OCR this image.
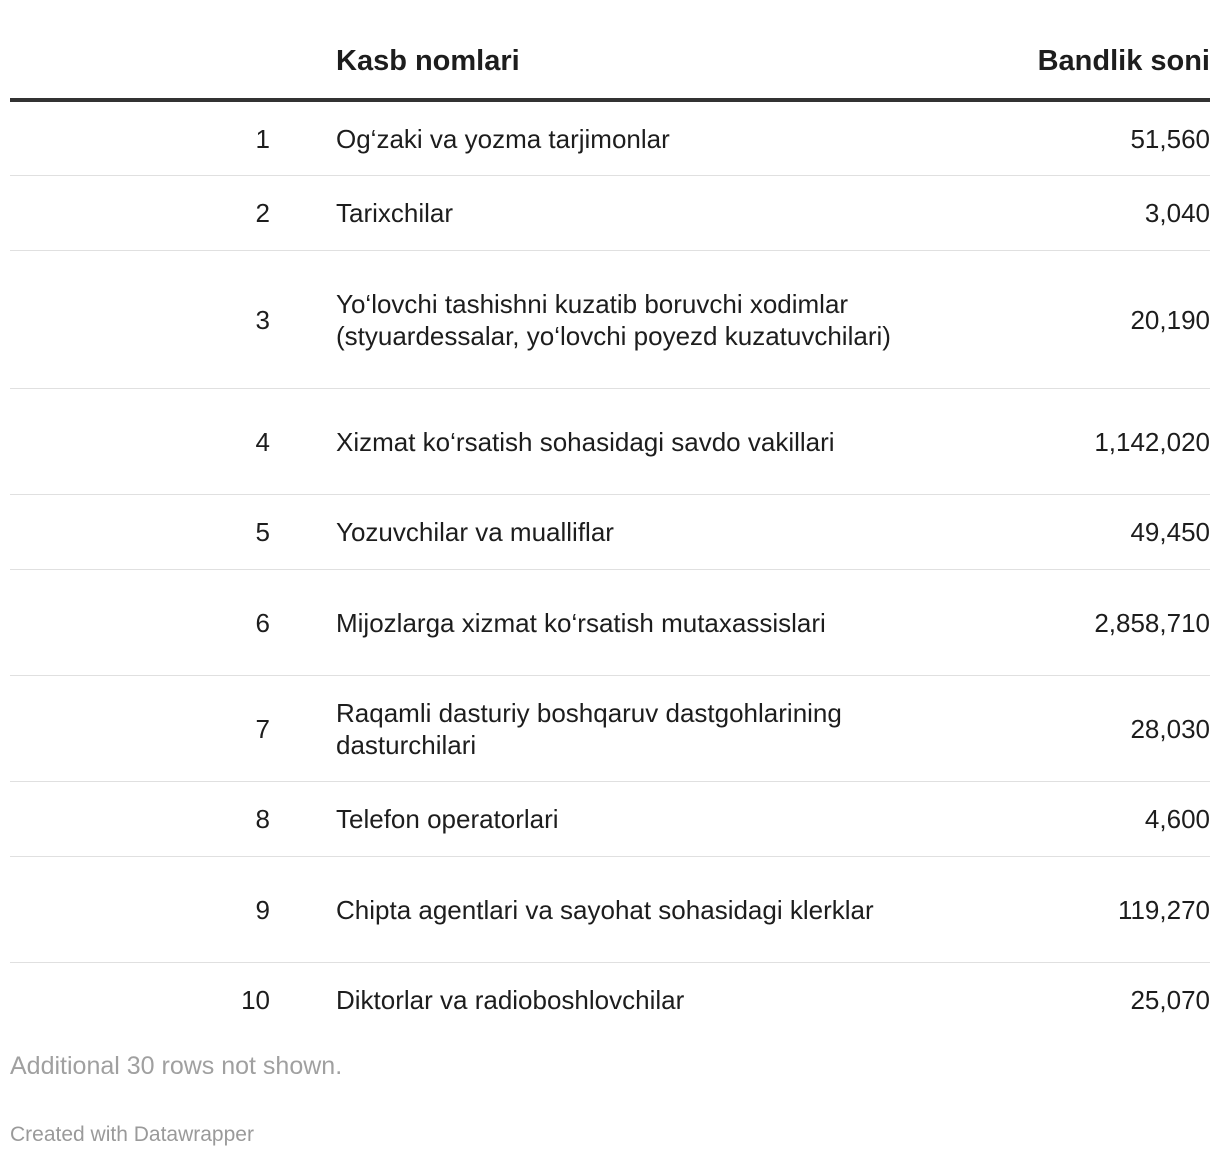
		Kasb nomlari	Bandlik soni
1		Og‘zaki va yozma tarjimonlar	51,560
2		Tarixchilar	3,040
3		Yo‘lovchi tashishni kuzatib boruvchi xodimlar (styuardessalar, yo‘lovchi poyezd kuzatuvchilari)	20,190
4		Xizmat ko‘rsatish sohasidagi savdo vakillari	1,142,020
5		Yozuvchilar va mualliflar	49,450
6		Mijozlarga xizmat ko‘rsatish mutaxassislari	2,858,710
7		Raqamli dasturiy boshqaruv dastgohlarining dasturchilari	28,030
8		Telefon operatorlari	4,600
9		Chipta agentlari va sayohat sohasidagi klerklar	119,270
10		Diktorlar va radioboshlovchilar	25,070
Additional 30 rows not shown.
Created with Datawrapper
